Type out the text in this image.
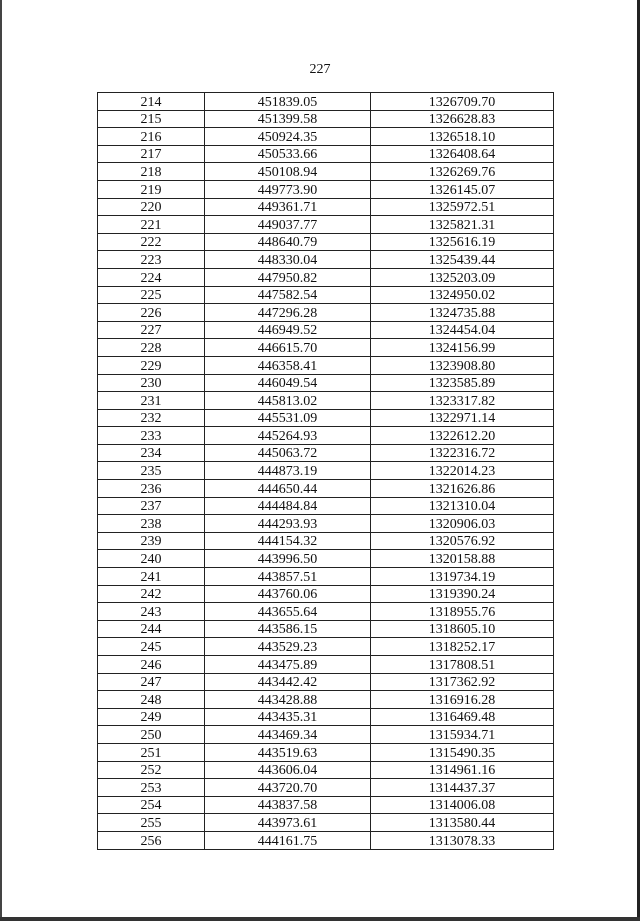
227
214	451839.05	1326709.70
215	451399.58	1326628.83
216	450924.35	1326518.10
217	450533.66	1326408.64
218	450108.94	1326269.76
219	449773.90	1326145.07
220	449361.71	1325972.51
221	449037.77	1325821.31
222	448640.79	1325616.19
223	448330.04	1325439.44
224	447950.82	1325203.09
225	447582.54	1324950.02
226	447296.28	1324735.88
227	446949.52	1324454.04
228	446615.70	1324156.99
229	446358.41	1323908.80
230	446049.54	1323585.89
231	445813.02	1323317.82
232	445531.09	1322971.14
233	445264.93	1322612.20
234	445063.72	1322316.72
235	444873.19	1322014.23
236	444650.44	1321626.86
237	444484.84	1321310.04
238	444293.93	1320906.03
239	444154.32	1320576.92
240	443996.50	1320158.88
241	443857.51	1319734.19
242	443760.06	1319390.24
243	443655.64	1318955.76
244	443586.15	1318605.10
245	443529.23	1318252.17
246	443475.89	1317808.51
247	443442.42	1317362.92
248	443428.88	1316916.28
249	443435.31	1316469.48
250	443469.34	1315934.71
251	443519.63	1315490.35
252	443606.04	1314961.16
253	443720.70	1314437.37
254	443837.58	1314006.08
255	443973.61	1313580.44
256	444161.75	1313078.33
